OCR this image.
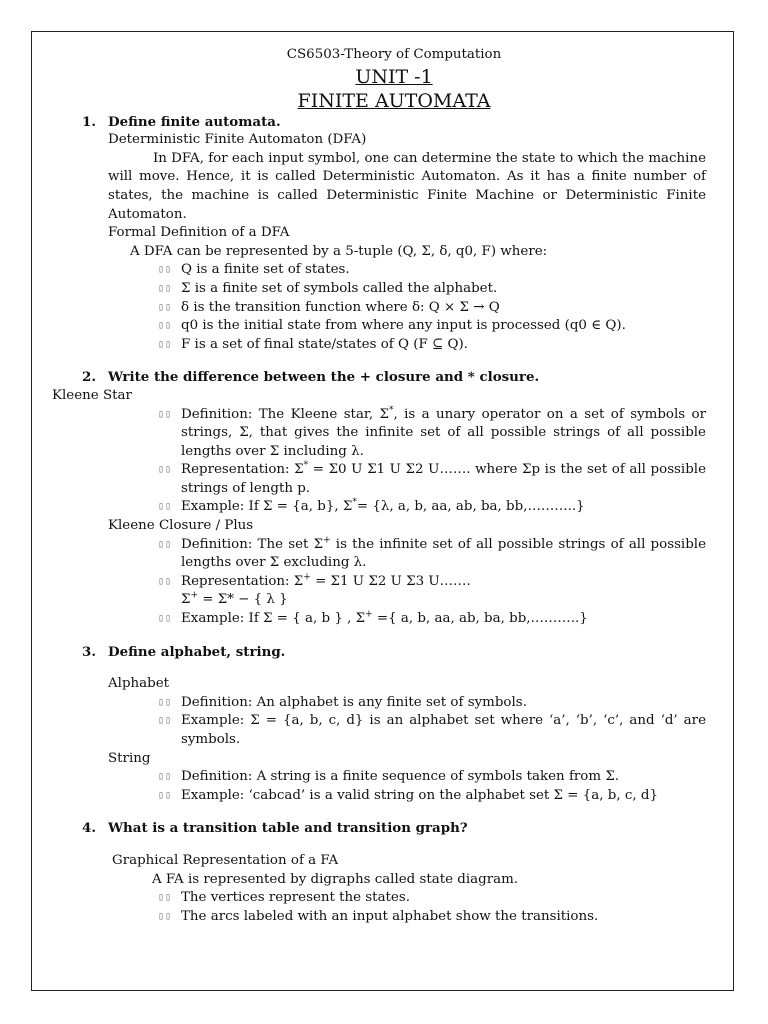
CS6503-Theory of Computation

UNIT -1

FINITE AUTOMATA

1. Define finite automata.

Deterministic Finite Automaton (DFA)

In DFA, for each input symbol, one can determine the state to which the machine will move. Hence, it is called Deterministic Automaton. As it has a finite number of states, the machine is called Deterministic Finite Machine or Deterministic Finite Automaton.

Formal Definition of a DFA

A DFA can be represented by a 5-tuple (Q, Σ, δ, q0, F) where:

▯▯ Q is a finite set of states.

▯▯ Σ is a finite set of symbols called the alphabet.

▯▯ δ is the transition function where δ: Q × Σ → Q

▯▯ q0 is the initial state from where any input is processed (q0 ∈ Q).

▯▯ F is a set of final state/states of Q (F ⊆ Q).

2. Write the difference between the + closure and * closure.

Kleene Star

▯▯ Definition: The Kleene star, Σ*, is a unary operator on a set of symbols or strings, Σ, that gives the infinite set of all possible strings of all possible lengths over Σ including λ.

▯▯ Representation: Σ* = Σ0 U Σ1 U Σ2 U……. where Σp is the set of all possible strings of length p.

▯▯ Example: If Σ = {a, b}, Σ*= {λ, a, b, aa, ab, ba, bb,………..}

Kleene Closure / Plus

▯▯ Definition: The set Σ+ is the infinite set of all possible strings of all possible lengths over Σ excluding λ.

▯▯ Representation: Σ+ = Σ1 U Σ2 U Σ3 U…….

Σ+ = Σ* − { λ }

▯▯ Example: If Σ = { a, b } , Σ+ ={ a, b, aa, ab, ba, bb,………..}

3. Define alphabet, string.

Alphabet

▯▯ Definition: An alphabet is any finite set of symbols.

▯▯ Example: Σ = {a, b, c, d} is an alphabet set where ‘a’, ‘b’, ‘c’, and ‘d’ are symbols.

String

▯▯ Definition: A string is a finite sequence of symbols taken from Σ.

▯▯ Example: ‘cabcad’ is a valid string on the alphabet set Σ = {a, b, c, d}

4. What is a transition table and transition graph?

Graphical Representation of a FA

A FA is represented by digraphs called state diagram.

▯▯ The vertices represent the states.

▯▯ The arcs labeled with an input alphabet show the transitions.
